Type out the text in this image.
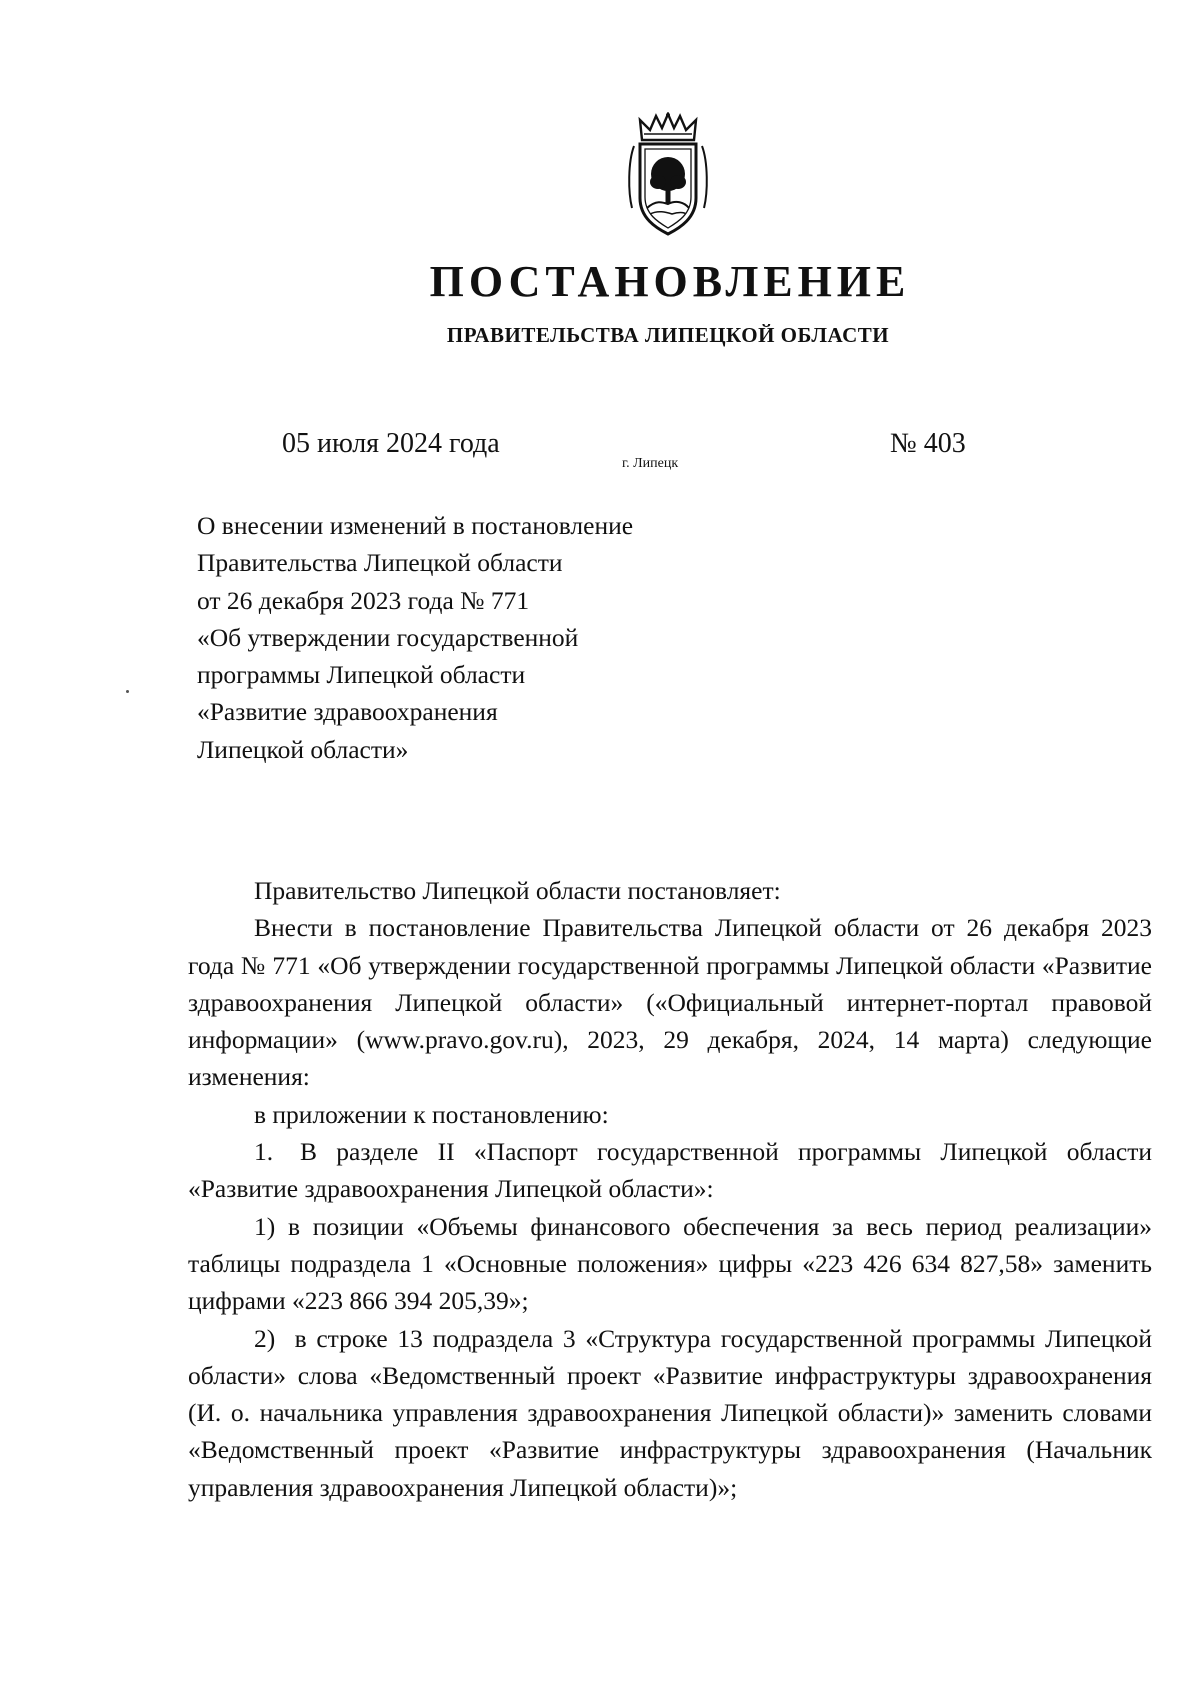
ПОСТАНОВЛЕНИЕ
ПРАВИТЕЛЬСТВА ЛИПЕЦКОЙ ОБЛАСТИ
05 июля 2024 года
г. Липецк
№ 403
О внесении изменений в постановление
Правительства Липецкой области
от 26 декабря 2023 года № 771
«Об утверждении государственной
программы Липецкой области
«Развитие здравоохранения
Липецкой области»

Правительство Липецкой области постановляет:

Внести в постановление Правительства Липецкой области от 26 декабря 2023 года № 771 «Об утверждении государственной программы Липецкой области «Развитие здравоохранения Липецкой области» («Официальный интернет-портал правовой информации» (www.pravo.gov.ru), 2023, 29 декабря, 2024, 14 марта) следующие изменения:

в приложении к постановлению:

1. В разделе II «Паспорт государственной программы Липецкой области «Развитие здравоохранения Липецкой области»:

1) в позиции «Объемы финансового обеспечения за весь период реализации» таблицы подраздела 1 «Основные положения» цифры «223 426 634 827,58» заменить цифрами «223 866 394 205,39»;

2) в строке 13 подраздела 3 «Структура государственной программы Липецкой области» слова «Ведомственный проект «Развитие инфраструктуры здравоохранения (И. о. начальника управления здравоохранения Липецкой области)» заменить словами «Ведомственный проект «Развитие инфраструктуры здравоохранения (Начальник управления здравоохранения Липецкой области)»;
